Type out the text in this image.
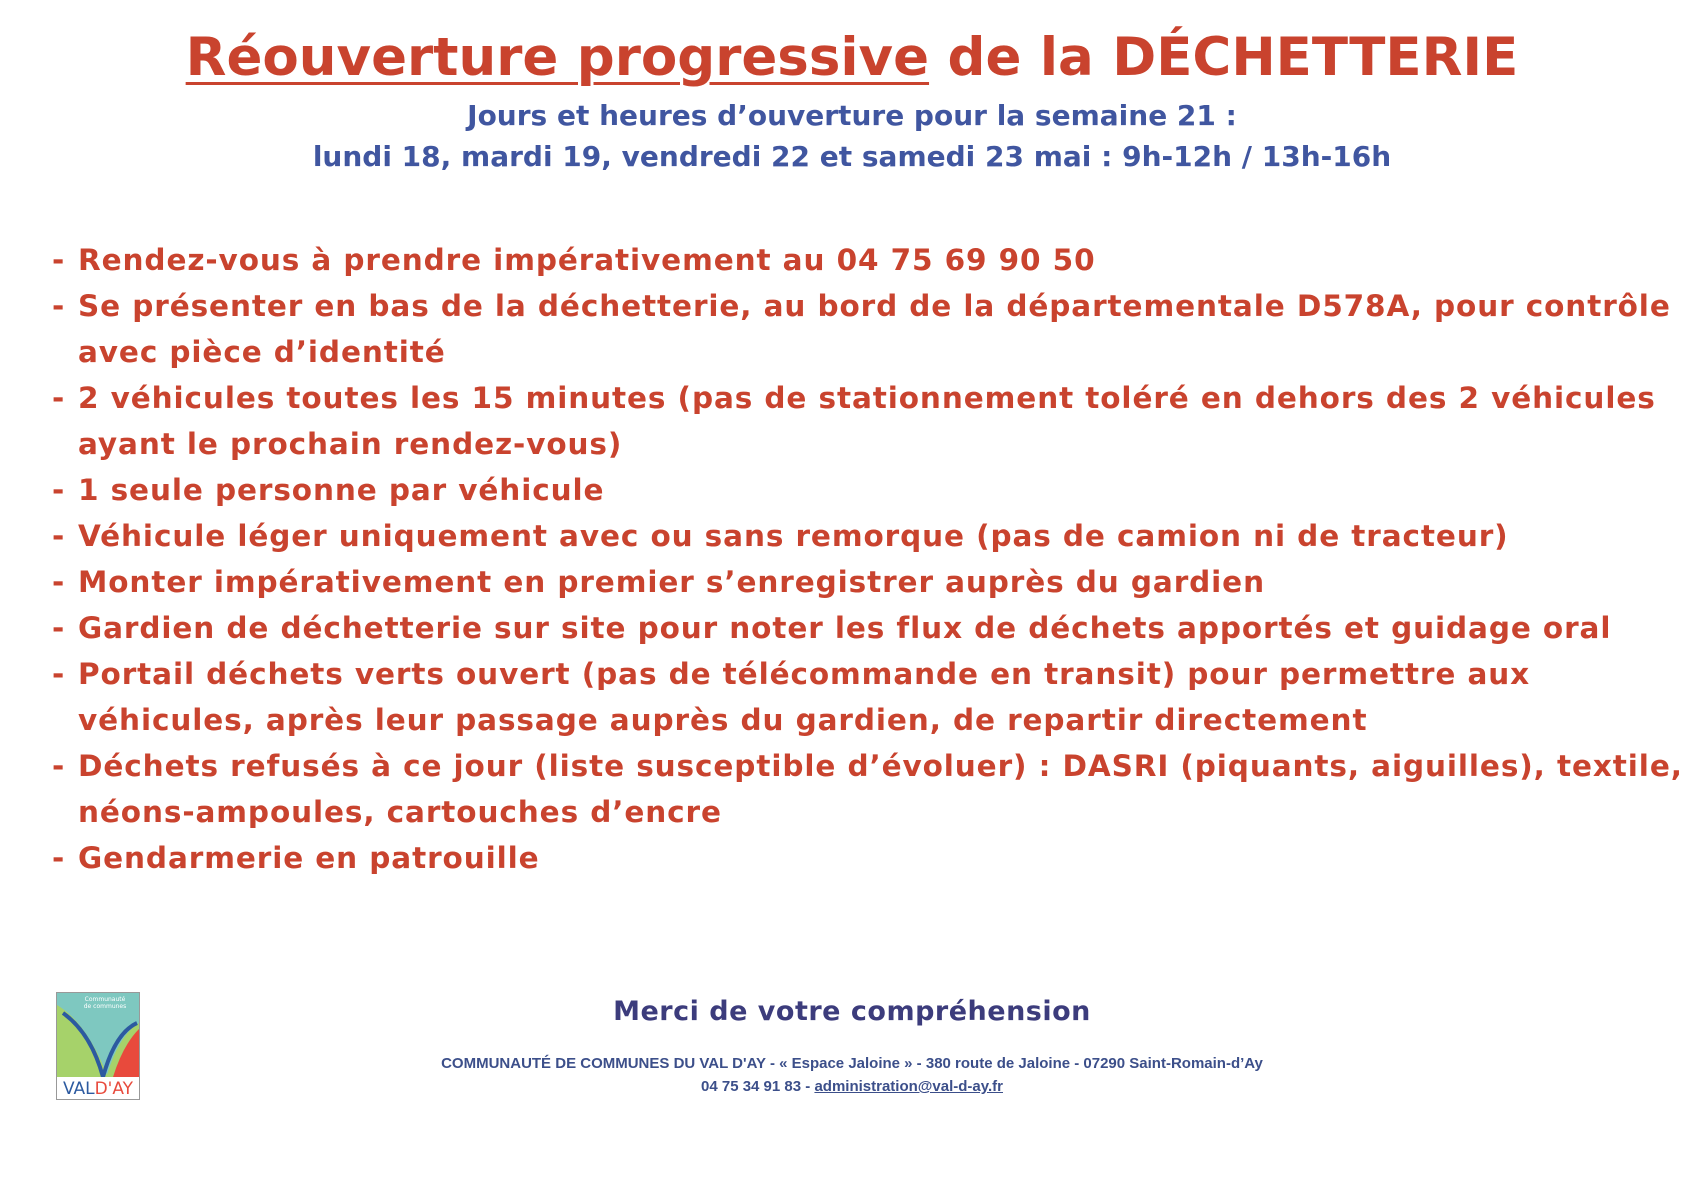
Réouverture progressive de la DÉCHETTERIE
Jours et heures d’ouverture pour la semaine 21 :
lundi 18, mardi 19, vendredi 22 et samedi 23 mai : 9h-12h / 13h-16h
- Rendez-vous à prendre impérativement au 04 75 69 90 50
- Se présenter en bas de la déchetterie, au bord de la départementale D578A, pour contrôle avec pièce d’identité
- 2 véhicules toutes les 15 minutes (pas de stationnement toléré en dehors des 2 véhicules ayant le prochain rendez-vous)
- 1 seule personne par véhicule
- Véhicule léger uniquement avec ou sans remorque (pas de camion ni de tracteur)
- Monter impérativement en premier s’enregistrer auprès du gardien
- Gardien de déchetterie sur site pour noter les flux de déchets apportés et guidage oral
- Portail déchets verts ouvert (pas de télécommande en transit) pour permettre aux véhicules, après leur passage auprès du gardien, de repartir directement
- Déchets refusés à ce jour (liste susceptible d’évoluer) : DASRI (piquants, aiguilles), textile, néons-ampoules, cartouches d’encre
- Gendarmerie en patrouille
Communauté
de communes
VALD'AY
Merci de votre compréhension
COMMUNAUTÉ DE COMMUNES DU VAL D'AY - « Espace Jaloine » - 380 route de Jaloine - 07290 Saint-Romain-d’Ay
04 75 34 91 83 - administration@val-d-ay.fr
